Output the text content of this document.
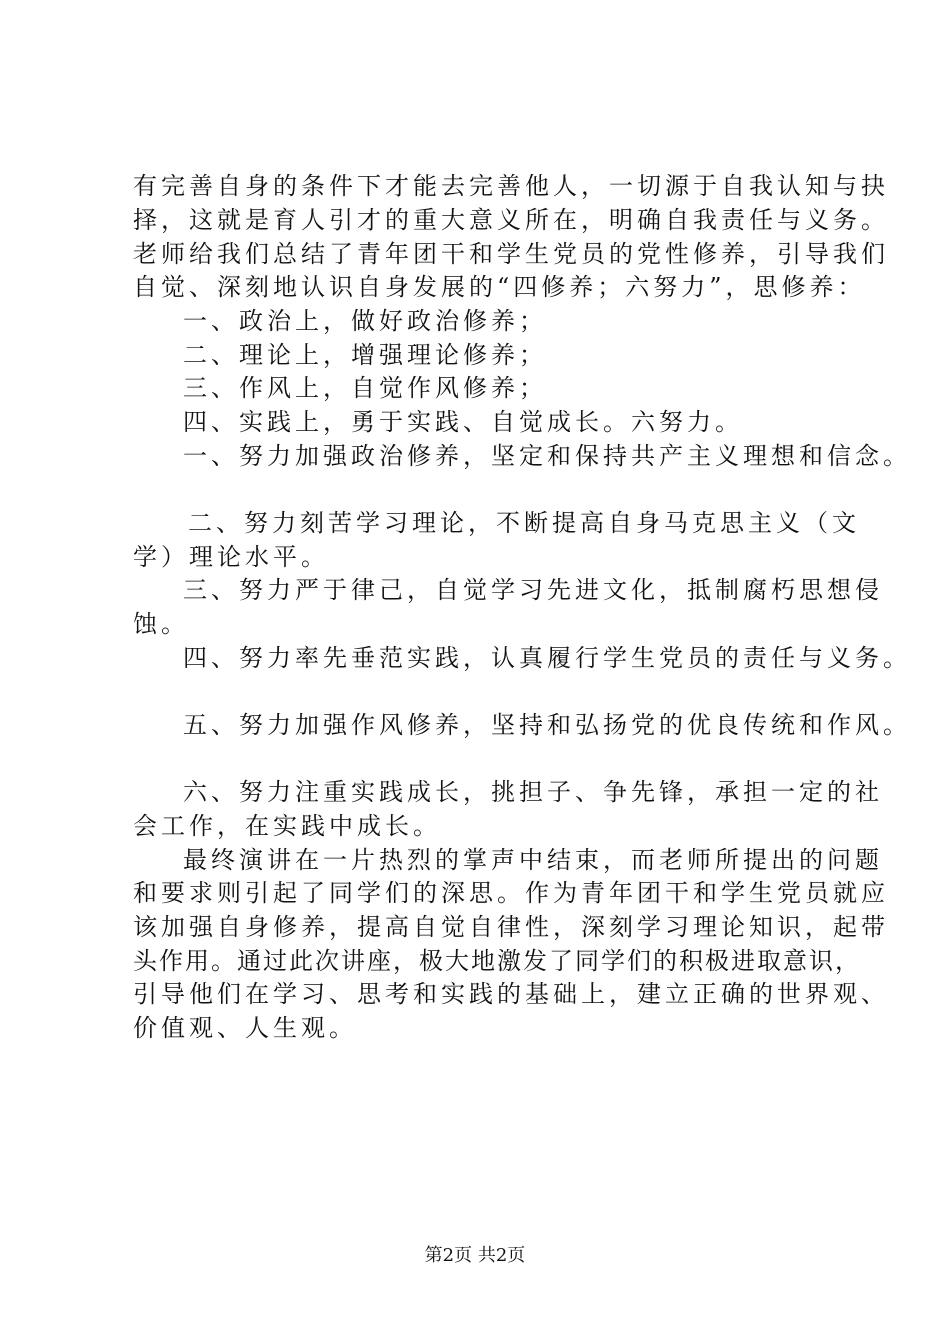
有完善自身的条件下才能去完善他人，一切源于自我认知与抉
择，这就是育人引才的重大意义所在，明确自我责任与义务。
老师给我们总结了青年团干和学生党员的党性修养，引导我们
自觉、深刻地认识自身发展的“四修养；六努力”，思修养：
一、政治上，做好政治修养；
二、理论上，增强理论修养；
三、作风上，自觉作风修养；
四、实践上，勇于实践、自觉成长。六努力。
一、努力加强政治修养，坚定和保持共产主义理想和信念。
二、努力刻苦学习理论，不断提高自身马克思主义（文
学）理论水平。
三、努力严于律己，自觉学习先进文化，抵制腐朽思想侵
蚀。
四、努力率先垂范实践，认真履行学生党员的责任与义务。
五、努力加强作风修养，坚持和弘扬党的优良传统和作风。
六、努力注重实践成长，挑担子、争先锋，承担一定的社
会工作，在实践中成长。
最终演讲在一片热烈的掌声中结束，而老师所提出的问题
和要求则引起了同学们的深思。作为青年团干和学生党员就应
该加强自身修养，提高自觉自律性，深刻学习理论知识，起带
头作用。通过此次讲座，极大地激发了同学们的积极进取意识，
引导他们在学习、思考和实践的基础上，建立正确的世界观、
价值观、人生观。
第2页 共2页
